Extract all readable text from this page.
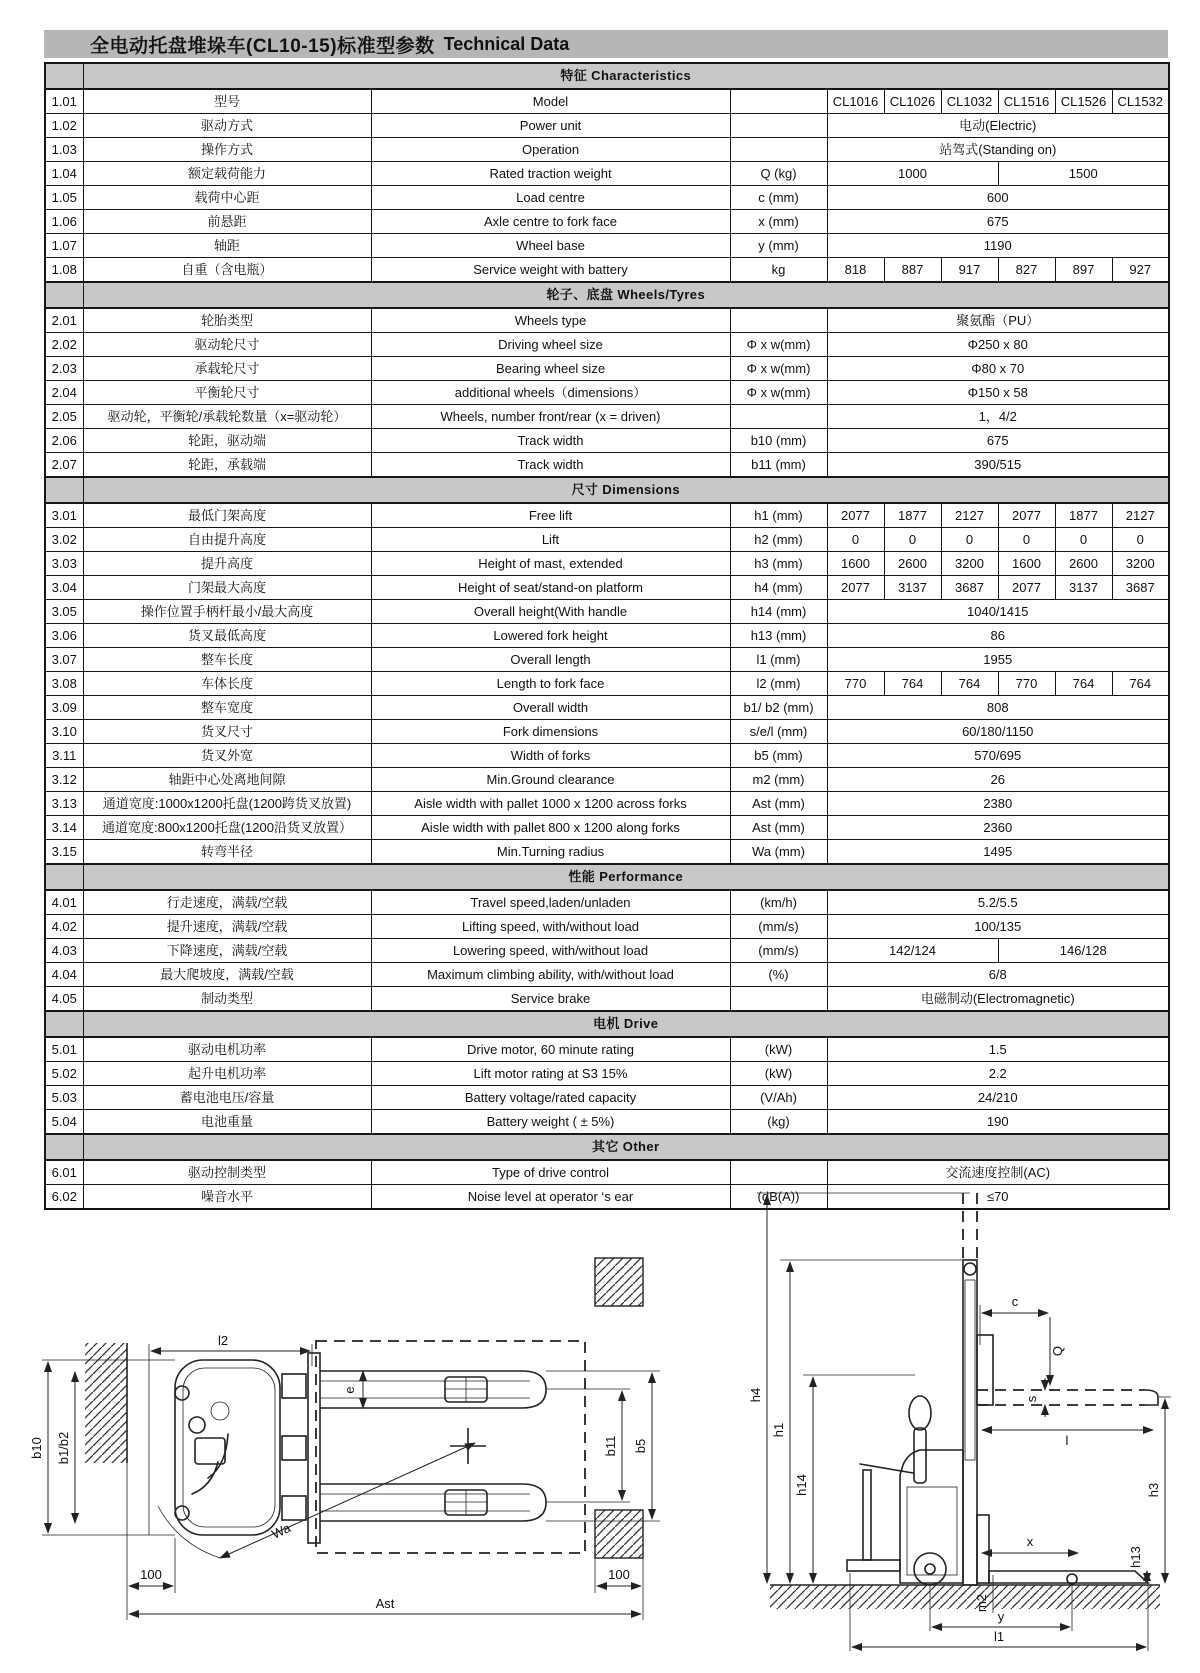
全电动托盘堆垛车(CL10-15)标准型参数 Technical Data
	特征 Characteristics								
1.01	型号	Model		CL1016	CL1026	CL1032	CL1516	CL1526	CL1532
1.02	驱动方式	Power unit		电动(Electric)					
1.03	操作方式	Operation		站驾式(Standing on)					
1.04	额定载荷能力	Rated traction weight	Q (kg)	1000			1500		
1.05	载荷中心距	Load centre	c (mm)	600					
1.06	前悬距	Axle centre to fork face	x (mm)	675					
1.07	轴距	Wheel base	y (mm)	1190					
1.08	自重（含电瓶）	Service weight with battery	kg	818	887	917	827	897	927
	轮子、底盘 Wheels/Tyres								
2.01	轮胎类型	Wheels type		聚氨酯（PU）					
2.02	驱动轮尺寸	Driving wheel size	Φ x w(mm)	Φ250 x 80					
2.03	承载轮尺寸	Bearing wheel size	Φ x w(mm)	Φ80 x 70					
2.04	平衡轮尺寸	additional wheels（dimensions）	Φ x w(mm)	Φ150 x 58					
2.05	驱动轮，平衡轮/承载轮数量（x=驱动轮）	Wheels, number front/rear (x = driven)		1，4/2					
2.06	轮距，驱动端	Track width	b10 (mm)	675					
2.07	轮距，承载端	Track width	b11 (mm)	390/515					
	尺寸 Dimensions								
3.01	最低门架高度	Free lift	h1 (mm)	2077	1877	2127	2077	1877	2127
3.02	自由提升高度	Lift	h2 (mm)	0	0	0	0	0	0
3.03	提升高度	Height of mast, extended	h3 (mm)	1600	2600	3200	1600	2600	3200
3.04	门架最大高度	Height of seat/stand-on platform	h4 (mm)	2077	3137	3687	2077	3137	3687
3.05	操作位置手柄杆最小/最大高度	Overall height(With handle	h14 (mm)	1040/1415					
3.06	货叉最低高度	Lowered fork height	h13 (mm)	86					
3.07	整车长度	Overall length	l1 (mm)	1955					
3.08	车体长度	Length to fork face	l2 (mm)	770	764	764	770	764	764
3.09	整车宽度	Overall width	b1/ b2 (mm)	808					
3.10	货叉尺寸	Fork dimensions	s/e/l (mm)	60/180/1150					
3.11	货叉外宽	Width of forks	b5 (mm)	570/695					
3.12	轴距中心处离地间隙	Min.Ground clearance	m2 (mm)	26					
3.13	通道宽度:1000x1200托盘(1200跨货叉放置)	Aisle width with pallet 1000 x 1200 across forks	Ast (mm)	2380					
3.14	通道宽度:800x1200托盘(1200沿货叉放置）	Aisle width with pallet 800 x 1200 along forks	Ast (mm)	2360					
3.15	转弯半径	Min.Turning radius	Wa (mm)	1495					
	性能 Performance								
4.01	行走速度，满载/空载	Travel speed,laden/unladen	(km/h)	5.2/5.5					
4.02	提升速度，满载/空载	Lifting speed, with/without load	(mm/s)	100/135					
4.03	下降速度，满载/空载	Lowering speed, with/without load	(mm/s)	142/124			146/128		
4.04	最大爬坡度，满载/空载	Maximum climbing ability, with/without load	(%)	6/8					
4.05	制动类型	Service brake		电磁制动(Electromagnetic)					
	电机 Drive								
5.01	驱动电机功率	Drive motor, 60 minute rating	(kW)	1.5					
5.02	起升电机功率	Lift motor rating at S3 15%	(kW)	2.2					
5.03	蓄电池电压/容量	Battery voltage/rated capacity	(V/Ah)	24/210					
5.04	电池重量	Battery weight ( ± 5%)	(kg)	190					
	其它 Other								
6.01	驱动控制类型	Type of drive control		交流速度控制(AC)					
6.02	噪音水平	Noise level at operator ‘s ear	(dB(A))	≤70					
l2
b10 b1/b2
e
b11 b5
Wa
100	100
Ast
h4
h1
h14
c
Q
s
l
h3
h13
x
m2
y
l1
